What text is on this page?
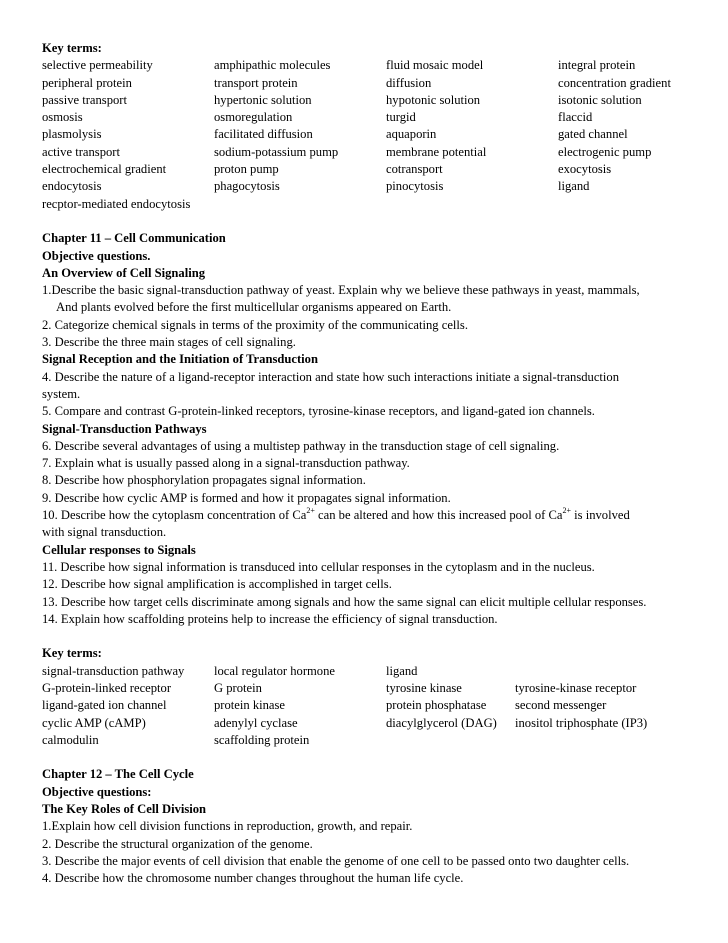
Key terms:
selective permeability	amphipathic molecules	fluid mosaic model	integral protein
peripheral protein	transport protein	diffusion	concentration gradient
passive transport	hypertonic solution	hypotonic solution	isotonic solution
osmosis	osmoregulation	turgid	flaccid
plasmolysis	facilitated diffusion	aquaporin	gated channel
active transport	sodium-potassium pump	membrane potential	electrogenic pump
electrochemical gradient	proton pump	cotransport	exocytosis
endocytosis	phagocytosis	pinocytosis	ligand
recptor-mediated endocytosis
Chapter 11 – Cell Communication
Objective questions.
An Overview of Cell Signaling
1.Describe the basic signal-transduction pathway of yeast. Explain why we believe these pathways in yeast, mammals,
And plants evolved before the first multicellular organisms appeared on Earth.
2. Categorize chemical signals in terms of the proximity of the communicating cells.
3. Describe the three main stages of cell signaling.
Signal Reception and the Initiation of Transduction
4. Describe the nature of a ligand-receptor interaction and state how such interactions initiate a signal-transduction
system.
5. Compare and contrast G-protein-linked receptors, tyrosine-kinase receptors, and ligand-gated ion channels.
Signal-Transduction Pathways
6. Describe several advantages of using a multistep pathway in the transduction stage of cell signaling.
7. Explain what is usually passed along in a signal-transduction pathway.
8. Describe how phosphorylation propagates signal information.
9. Describe how cyclic AMP is formed and how it propagates signal information.
10. Describe how the cytoplasm concentration of $Ca^{2+}$ can be altered and how this increased pool of $Ca^{2+}$ is involved
with signal transduction.
Cellular responses to Signals
11. Describe how signal information is transduced into cellular responses in the cytoplasm and in the nucleus.
12. Describe how signal amplification is accomplished in target cells.
13. Describe how target cells discriminate among signals and how the same signal can elicit multiple cellular responses.
14. Explain how scaffolding proteins help to increase the efficiency of signal transduction.
Key terms:
signal-transduction pathway	local regulator hormone	ligand
G-protein-linked receptor	G protein	tyrosine kinase	tyrosine-kinase receptor
ligand-gated ion channel	protein kinase	protein phosphatase	second messenger
cyclic AMP (cAMP)	adenylyl cyclase	diacylglycerol (DAG)	inositol triphosphate (IP3)
calmodulin	scaffolding protein
Chapter 12 – The Cell Cycle
Objective questions:
The Key Roles of Cell Division
1.Explain how cell division functions in reproduction, growth, and repair.
2. Describe the structural organization of the genome.
3. Describe the major events of cell division that enable the genome of one cell to be passed onto two daughter cells.
4. Describe how the chromosome number changes throughout the human life cycle.
